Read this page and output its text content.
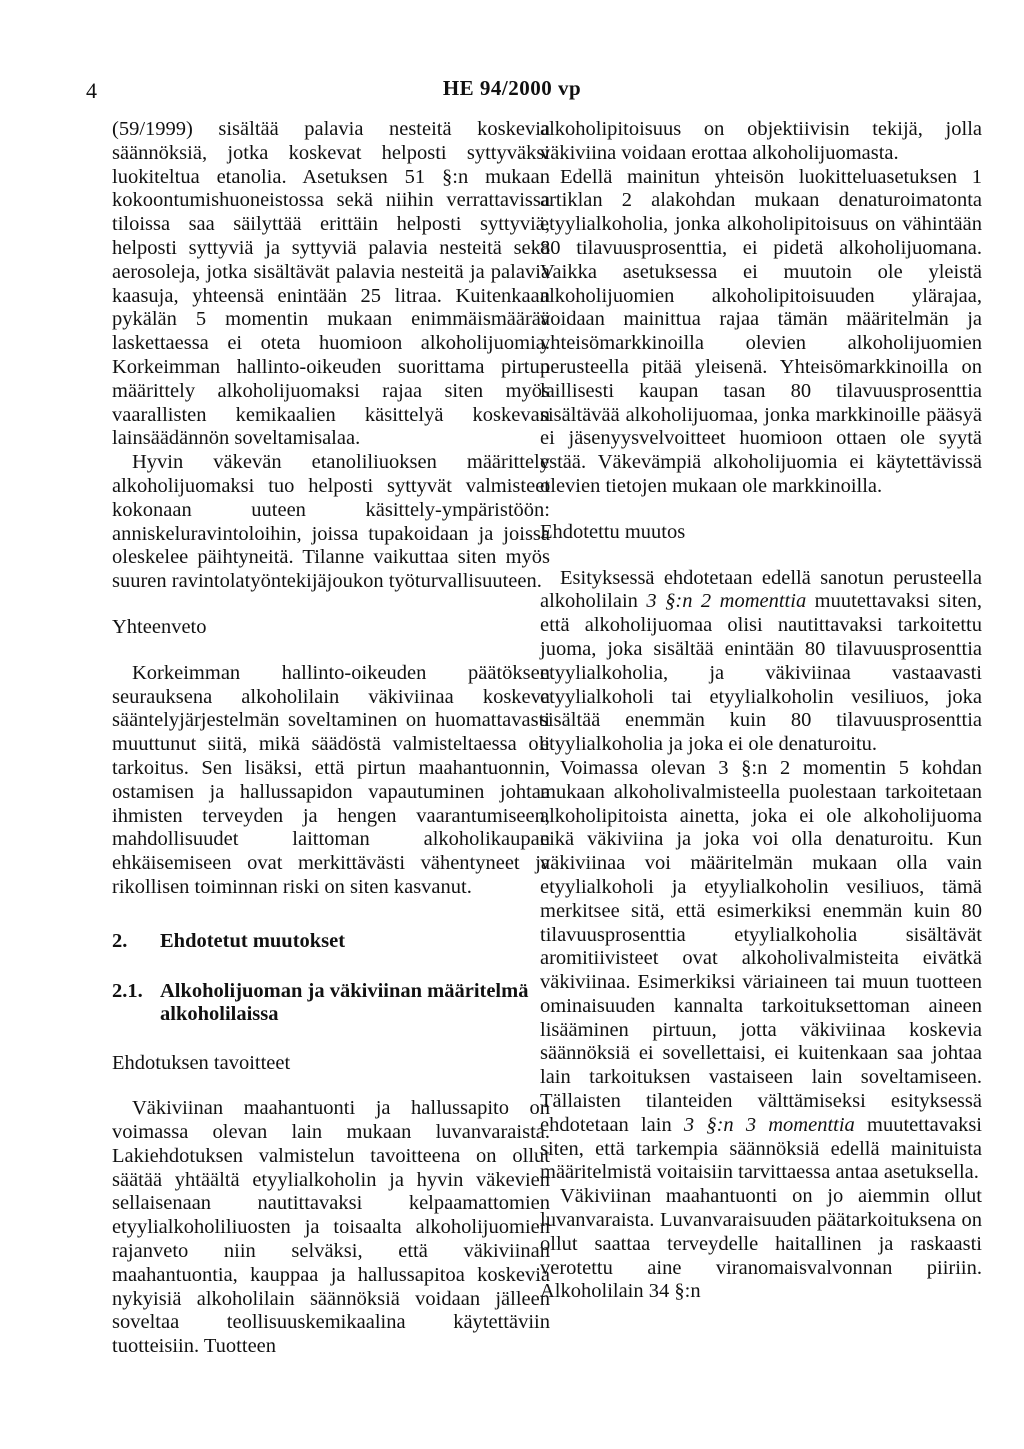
4	HE 94/2000 vp

(59/1999) sisältää palavia nesteitä koskevia säännöksiä, jotka koskevat helposti syttyväksi luokiteltua etanolia. Asetuksen 51 §:n mukaan kokoontumishuoneistossa sekä niihin verrattavissa tiloissa saa säilyttää erittäin helposti syttyviä, helposti syttyviä ja syttyviä palavia nesteitä sekä aerosoleja, jotka sisältävät palavia nesteitä ja palavia kaasuja, yhteensä enintään 25 litraa. Kuitenkaan pykälän 5 momentin mukaan enimmäismäärää laskettaessa ei oteta huomioon alkoholijuomia. Korkeimman hallinto-oikeuden suorittama pirtun määrittely alkoholijuomaksi rajaa siten myös vaarallisten kemikaalien käsittelyä koskevan lainsäädännön soveltamisalaa.

Hyvin väkevän etanoliliuoksen määrittely alkoholijuomaksi tuo helposti syttyvät valmisteet kokonaan uuteen käsittely-ympäristöön: anniskeluravintoloihin, joissa tupakoidaan ja joissa oleskelee päihtyneitä. Tilanne vaikuttaa siten myös suuren ravintolatyöntekijäjoukon työturvallisuuteen.

Yhteenveto

Korkeimman hallinto-oikeuden päätöksen seurauksena alkoholilain väkiviinaa koskeva sääntelyjärjestelmän soveltaminen on huomattavasti muuttunut siitä, mikä säädöstä valmisteltaessa oli tarkoitus. Sen lisäksi, että pirtun maahantuonnin, ostamisen ja hallussapidon vapautuminen johtaa ihmisten terveyden ja hengen vaarantumiseen, mahdollisuudet laittoman alkoholikaupan ehkäisemiseen ovat merkittävästi vähentyneet ja rikollisen toiminnan riski on siten kasvanut.

2.	Ehdotetut muutokset
2.1. Alkoholijuoman ja väkiviinan määritelmä alkoholilaissa
Ehdotuksen tavoitteet

Väkiviinan maahantuonti ja hallussapito on voimassa olevan lain mukaan luvanvaraista. Lakiehdotuksen valmistelun tavoitteena on ollut säätää yhtäältä etyylialkoholin ja hyvin väkevien sellaisenaan nautittavaksi kelpaamattomien etyylialkoholiliuosten ja toisaalta alkoholijuomien rajanveto niin selväksi, että väkiviinan maahantuontia, kauppaa ja hallussapitoa koskevia nykyisiä alkoholilain säännöksiä voidaan jälleen soveltaa teollisuuskemikaalina käytettäviin tuotteisiin. Tuotteen

alkoholipitoisuus on objektiivisin tekijä, jolla väkiviina voidaan erottaa alkoholijuomasta.

Edellä mainitun yhteisön luokitteluasetuksen 1 artiklan 2 alakohdan mukaan denaturoimatonta etyylialkoholia, jonka alkoholipitoisuus on vähintään 80 tilavuusprosenttia, ei pidetä alkoholijuomana. Vaikka asetuksessa ei muutoin ole yleistä alkoholijuomien alkoholipitoisuuden ylärajaa, voidaan mainittua rajaa tämän määritelmän ja yhteisömarkkinoilla olevien alkoholijuomien perusteella pitää yleisenä. Yhteisömarkkinoilla on laillisesti kaupan tasan 80 tilavuusprosenttia sisältävää alkoholijuomaa, jonka markkinoille pääsyä ei jäsenyysvelvoitteet huomioon ottaen ole syytä estää. Väkevämpiä alkoholijuomia ei käytettävissä olevien tietojen mukaan ole markkinoilla.

Ehdotettu muutos

Esityksessä ehdotetaan edellä sanotun perusteella alkoholilain 3 §:n 2 momenttia muutettavaksi siten, että alkoholijuomaa olisi nautittavaksi tarkoitettu juoma, joka sisältää enintään 80 tilavuusprosenttia etyylialkoholia, ja väkiviinaa vastaavasti etyylialkoholi tai etyylialkoholin vesiliuos, joka sisältää enemmän kuin 80 tilavuusprosenttia etyylialkoholia ja joka ei ole denaturoitu.

Voimassa olevan 3 §:n 2 momentin 5 kohdan mukaan alkoholivalmisteella puolestaan tarkoitetaan alkoholipitoista ainetta, joka ei ole alkoholijuoma eikä väkiviina ja joka voi olla denaturoitu. Kun väkiviinaa voi määritelmän mukaan olla vain etyylialkoholi ja etyylialkoholin vesiliuos, tämä merkitsee sitä, että esimerkiksi enemmän kuin 80 tilavuusprosenttia etyylialkoholia sisältävät aromitiivisteet ovat alkoholivalmisteita eivätkä väkiviinaa. Esimerkiksi väriaineen tai muun tuotteen ominaisuuden kannalta tarkoituksettoman aineen lisääminen pirtuun, jotta väkiviinaa koskevia säännöksiä ei sovellettaisi, ei kuitenkaan saa johtaa lain tarkoituksen vastaiseen lain soveltamiseen. Tällaisten tilanteiden välttämiseksi esityksessä ehdotetaan lain 3 §:n 3 momenttia muutettavaksi siten, että tarkempia säännöksiä edellä mainituista määritelmistä voitaisiin tarvittaessa antaa asetuksella.

Väkiviinan maahantuonti on jo aiemmin ollut luvanvaraista. Luvanvaraisuuden päätarkoituksena on ollut saattaa terveydelle haitallinen ja raskaasti verotettu aine viranomaisvalvonnan piiriin. Alkoholilain 34 §:n
